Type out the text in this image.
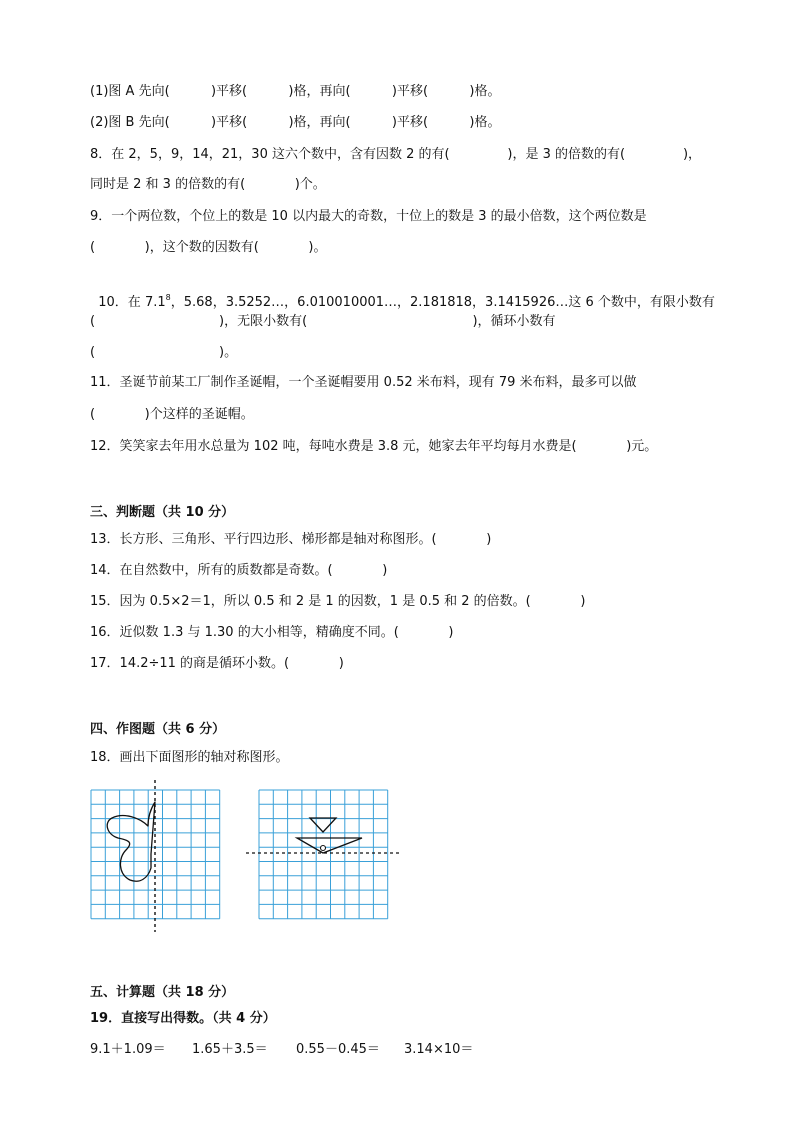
(1)图 A 先向(          )平移(          )格，再向(          )平移(          )格。
(2)图 B 先向(          )平移(          )格，再向(          )平移(          )格。
8．在 2，5，9，14，21，30 这六个数中，含有因数 2 的有(              )，是 3 的倍数的有(              )，
同时是 2 和 3 的倍数的有(            )个。
9．一个两位数，个位上的数是 10 以内最大的奇数，十位上的数是 3 的最小倍数，这个两位数是
(            )，这个数的因数有(            )。

10．在 $7.1^8$，5.68，3.5252…，6.010010001…，2.181818，3.1415926…这 6 个数中，有限小数有

(                              )，无限小数有(                                        )，循环小数有
(                              )。
11．圣诞节前某工厂制作圣诞帽，一个圣诞帽要用 0.52 米布料，现有 79 米布料，最多可以做
(            )个这样的圣诞帽。
12．笑笑家去年用水总量为 102 吨，每吨水费是 3.8 元，她家去年平均每月水费是(            )元。
三、判断题（共 10 分）
13．长方形、三角形、平行四边形、梯形都是轴对称图形。(            )
14．在自然数中，所有的质数都是奇数。(            )
15．因为 0.5×2＝1，所以 0.5 和 2 是 1 的因数，1 是 0.5 和 2 的倍数。(            )
16．近似数 1.3 与 1.30 的大小相等，精确度不同。(            )
17．14.2÷11 的商是循环小数。(            )
四、作图题（共 6 分）
18．画出下面图形的轴对称图形。
五、计算题（共 18 分）
19．直接写出得数。（共 4 分）
9.1＋1.09＝ 1.65＋3.5＝ 0.55－0.45＝ 3.14×10＝
